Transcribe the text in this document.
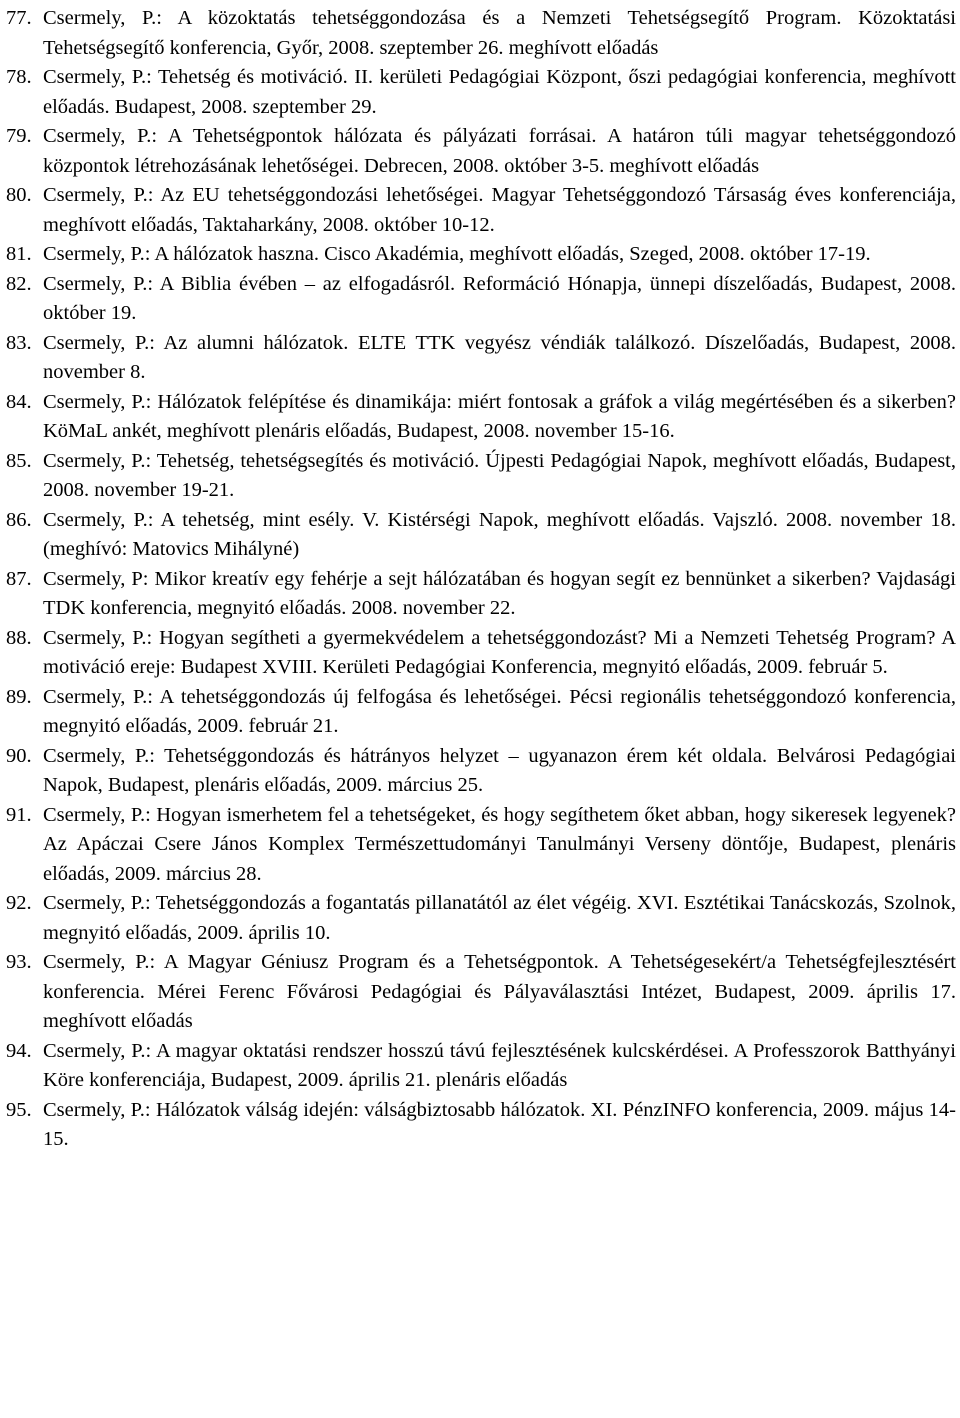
77. Csermely, P.: A közoktatás tehetséggondozása és a Nemzeti Tehetségsegítő Program. Közoktatási Tehetségsegítő konferencia, Győr, 2008. szeptember 26. meghívott előadás
78. Csermely, P.: Tehetség és motiváció. II. kerületi Pedagógiai Központ, őszi pedagógiai konferencia, meghívott előadás. Budapest, 2008. szeptember 29.
79. Csermely, P.: A Tehetségpontok hálózata és pályázati forrásai. A határon túli magyar tehetséggondozó központok létrehozásának lehetőségei. Debrecen, 2008. október 3-5. meghívott előadás
80. Csermely, P.: Az EU tehetséggondozási lehetőségei. Magyar Tehetséggondozó Társaság éves konferenciája, meghívott előadás, Taktaharkány, 2008. október 10-12.
81. Csermely, P.: A hálózatok haszna. Cisco Akadémia, meghívott előadás, Szeged, 2008. október 17-19.
82. Csermely, P.: A Biblia évében – az elfogadásról. Reformáció Hónapja, ünnepi díszelőadás, Budapest, 2008. október 19.
83. Csermely, P.: Az alumni hálózatok. ELTE TTK vegyész véndiák találkozó. Díszelőadás, Budapest, 2008. november 8.
84. Csermely, P.: Hálózatok felépítése és dinamikája: miért fontosak a gráfok a világ megértésében és a sikerben? KöMaL ankét, meghívott plenáris előadás, Budapest, 2008. november 15-16.
85. Csermely, P.: Tehetség, tehetségsegítés és motiváció. Újpesti Pedagógiai Napok, meghívott előadás, Budapest, 2008. november 19-21.
86. Csermely, P.: A tehetség, mint esély. V. Kistérségi Napok, meghívott előadás. Vajszló. 2008. november 18. (meghívó: Matovics Mihályné)
87. Csermely, P: Mikor kreatív egy fehérje a sejt hálózatában és hogyan segít ez bennünket a sikerben? Vajdasági TDK konferencia, megnyitó előadás. 2008. november 22.
88. Csermely, P.: Hogyan segítheti a gyermekvédelem a tehetséggondozást? Mi a Nemzeti Tehetség Program? A motiváció ereje: Budapest XVIII. Kerületi Pedagógiai Konferencia, megnyitó előadás, 2009. február 5.
89. Csermely, P.: A tehetséggondozás új felfogása és lehetőségei. Pécsi regionális tehetséggondozó konferencia, megnyitó előadás, 2009. február 21.
90. Csermely, P.: Tehetséggondozás és hátrányos helyzet – ugyanazon érem két oldala. Belvárosi Pedagógiai Napok, Budapest, plenáris előadás, 2009. március 25.
91. Csermely, P.: Hogyan ismerhetem fel a tehetségeket, és hogy segíthetem őket abban, hogy sikeresek legyenek? Az Apáczai Csere János Komplex Természettudományi Tanulmányi Verseny döntője, Budapest, plenáris előadás, 2009. március 28.
92. Csermely, P.: Tehetséggondozás a fogantatás pillanatától az élet végéig. XVI. Esztétikai Tanácskozás, Szolnok, megnyitó előadás, 2009. április 10.
93. Csermely, P.: A Magyar Géniusz Program és a Tehetségpontok. A Tehetségesekért/a Tehetségfejlesztésért konferencia. Mérei Ferenc Fővárosi Pedagógiai és Pályaválasztási Intézet, Budapest, 2009. április 17. meghívott előadás
94. Csermely, P.: A magyar oktatási rendszer hosszú távú fejlesztésének kulcskérdései. A Professzorok Batthyányi Köre konferenciája, Budapest, 2009. április 21. plenáris előadás
95. Csermely, P.: Hálózatok válság idején: válságbiztosabb hálózatok. XI. PénzINFO konferencia, 2009. május 14-15.
